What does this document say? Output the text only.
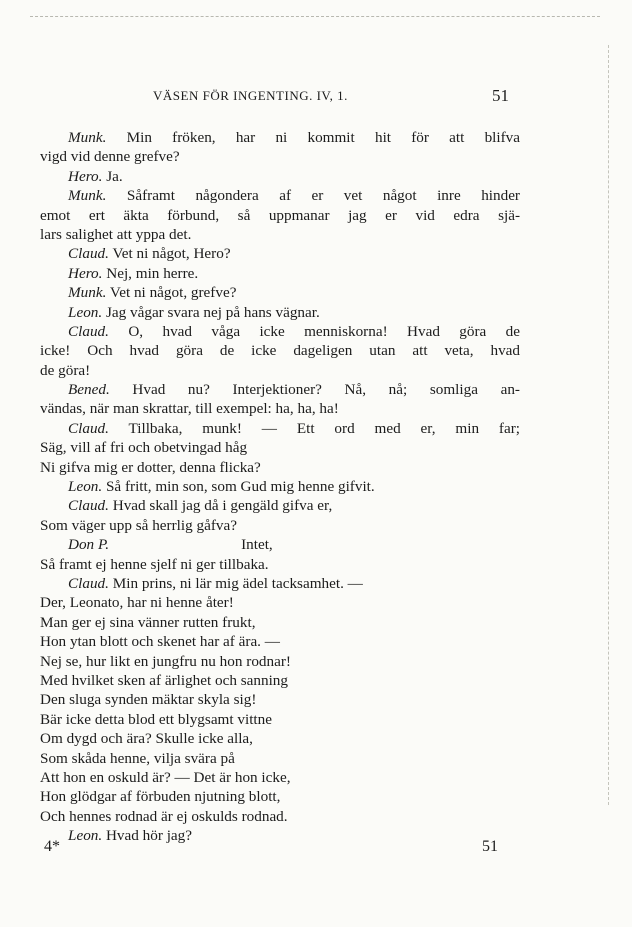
VÄSEN FÖR INGENTING. IV, 1.	51
Munk. Min fröken, har ni kommit hit för att blifva
vigd vid denne grefve?
Hero. Ja.
Munk. Såframt någondera af er vet något inre hinder
emot ert äkta förbund, så uppmanar jag er vid edra sjä-
lars salighet att yppa det.
Claud. Vet ni något, Hero?
Hero. Nej, min herre.
Munk. Vet ni något, grefve?
Leon. Jag vågar svara nej på hans vägnar.
Claud. O, hvad våga icke menniskorna! Hvad göra de
icke! Och hvad göra de icke dageligen utan att veta, hvad
de göra!
Bened. Hvad nu? Interjektioner? Nå, nå; somliga an-
vändas, när man skrattar, till exempel: ha, ha, ha!
Claud. Tillbaka, munk! — Ett ord med er, min far;
Säg, vill af fri och obetvingad håg
Ni gifva mig er dotter, denna flicka?
Leon. Så fritt, min son, som Gud mig henne gifvit.
Claud. Hvad skall jag då i gengäld gifva er,
Som väger upp så herrlig gåfva?
Don P.	Intet,
Så framt ej henne sjelf ni ger tillbaka.
Claud. Min prins, ni lär mig ädel tacksamhet. —
Der, Leonato, har ni henne åter!
Man ger ej sina vänner rutten frukt,
Hon ytan blott och skenet har af ära. —
Nej se, hur likt en jungfru nu hon rodnar!
Med hvilket sken af ärlighet och sanning
Den sluga synden mäktar skyla sig!
Bär icke detta blod ett blygsamt vittne
Om dygd och ära? Skulle icke alla,
Som skåda henne, vilja svära på
Att hon en oskuld är? — Det är hon icke,
Hon glödgar af förbuden njutning blott,
Och hennes rodnad är ej oskulds rodnad.
Leon. Hvad hör jag?
4*	51
